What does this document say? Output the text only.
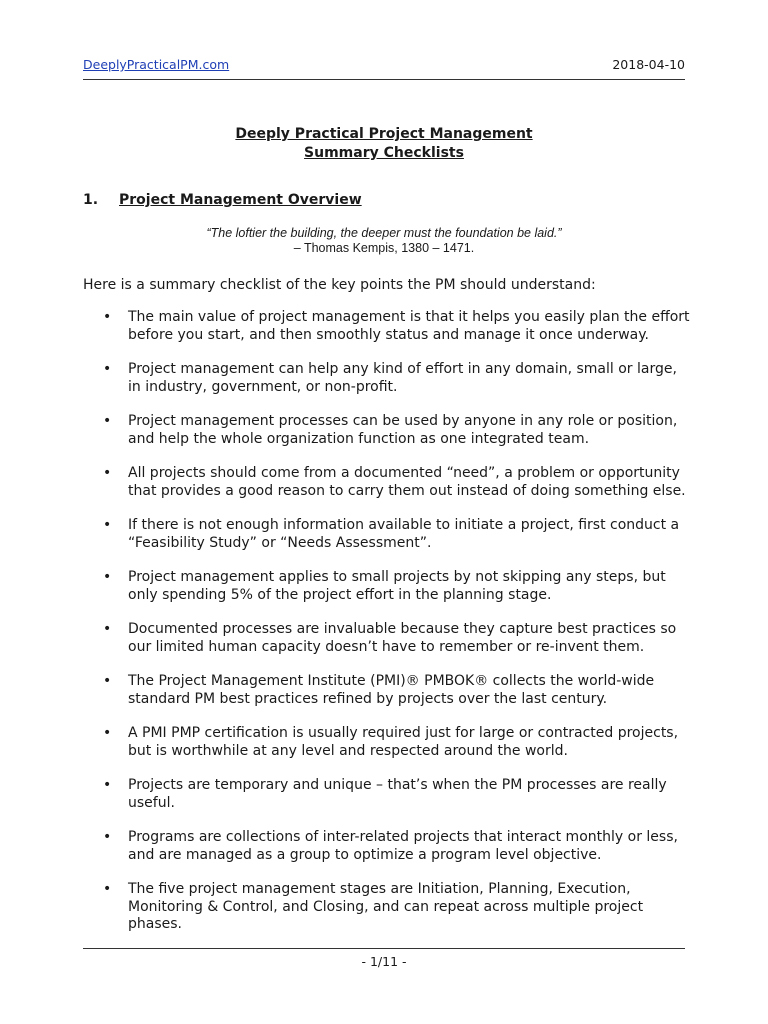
DeeplyPracticalPM.com	2018-04-10
Deeply Practical Project Management
Summary Checklists
1. Project Management Overview
“The loftier the building, the deeper must the foundation be laid.”
– Thomas Kempis, 1380 – 1471.
Here is a summary checklist of the key points the PM should understand:
• The main value of project management is that it helps you easily plan the effort before you start, and then smoothly status and manage it once underway.
• Project management can help any kind of effort in any domain, small or large, in industry, government, or non-profit.
• Project management processes can be used by anyone in any role or position, and help the whole organization function as one integrated team.
• All projects should come from a documented “need”, a problem or opportunity that provides a good reason to carry them out instead of doing something else.
• If there is not enough information available to initiate a project, first conduct a “Feasibility Study” or “Needs Assessment”.
• Project management applies to small projects by not skipping any steps, but only spending 5% of the project effort in the planning stage.
• Documented processes are invaluable because they capture best practices so our limited human capacity doesn’t have to remember or re-invent them.
• The Project Management Institute (PMI)® PMBOK® collects the world-wide standard PM best practices refined by projects over the last century.
• A PMI PMP certification is usually required just for large or contracted projects, but is worthwhile at any level and respected around the world.
• Projects are temporary and unique – that’s when the PM processes are really useful.
• Programs are collections of inter-related projects that interact monthly or less, and are managed as a group to optimize a program level objective.
• The five project management stages are Initiation, Planning, Execution, Monitoring & Control, and Closing, and can repeat across multiple project phases.
- 1/11 -
